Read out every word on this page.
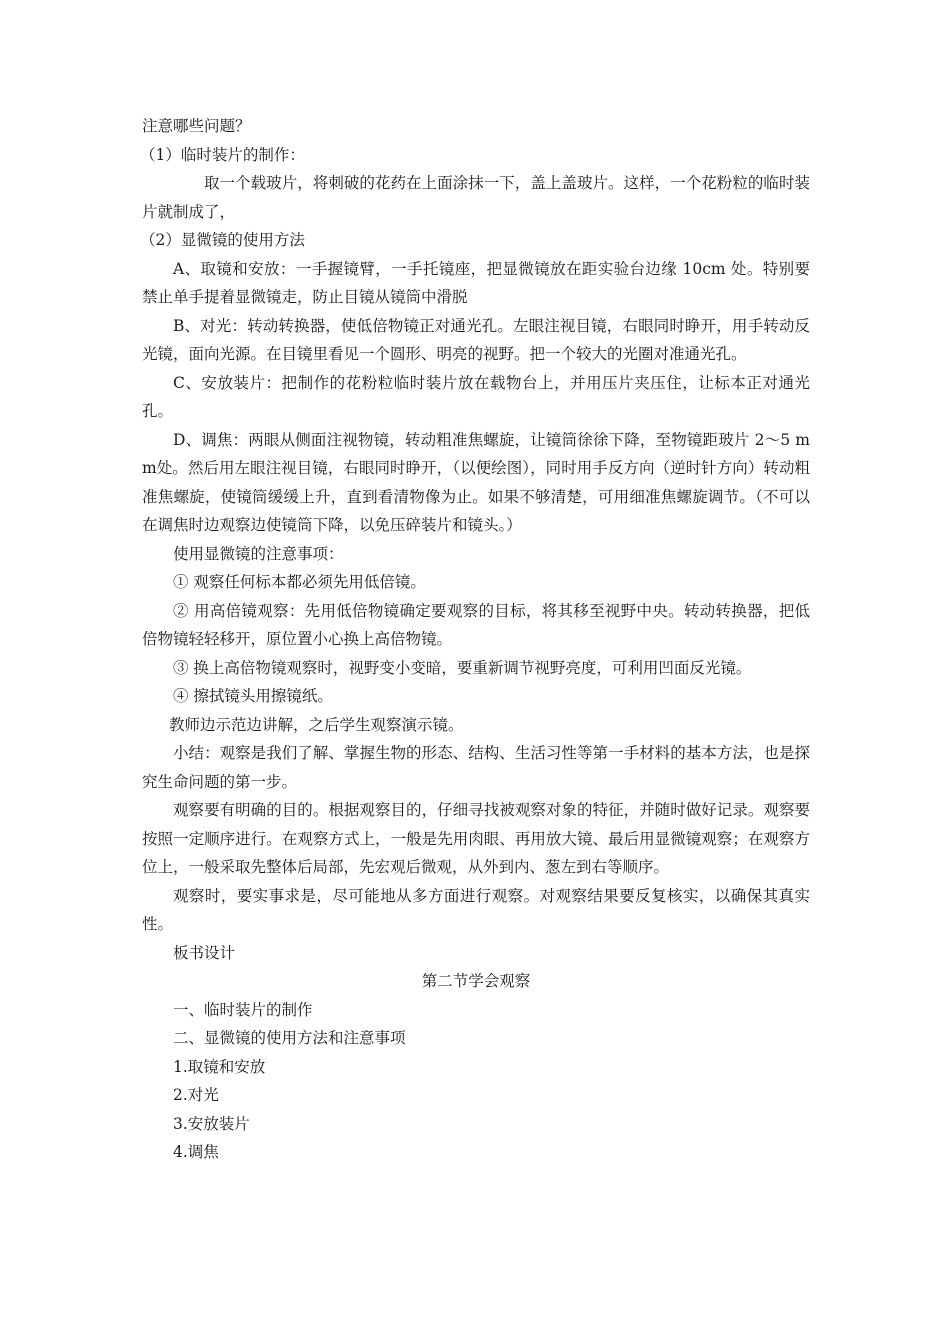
注意哪些问题？

（1）临时装片的制作：

取一个载玻片，将刺破的花药在上面涂抹一下，盖上盖玻片。这样，一个花粉粒的临时装片就制成了，

（2）显微镜的使用方法

A、取镜和安放：一手握镜臂，一手托镜座，把显微镜放在距实验台边缘 10cm 处。特别要禁止单手提着显微镜走，防止目镜从镜筒中滑脱

B、对光：转动转换器，使低倍物镜正对通光孔。左眼注视目镜，右眼同时睁开，用手转动反光镜，面向光源。在目镜里看见一个圆形、明亮的视野。把一个较大的光圈对准通光孔。

C、安放装片：把制作的花粉粒临时装片放在载物台上，并用压片夹压住，让标本正对通光孔。

D、调焦：两眼从侧面注视物镜，转动粗准焦螺旋，让镜筒徐徐下降，至物镜距玻片 2～5 mm处。然后用左眼注视目镜，右眼同时睁开，（以便绘图），同时用手反方向（逆时针方向）转动粗准焦螺旋，使镜筒缓缓上升，直到看清物像为止。如果不够清楚，可用细准焦螺旋调节。（不可以在调焦时边观察边使镜筒下降，以免压碎装片和镜头。）

使用显微镜的注意事项：

① 观察任何标本都必须先用低倍镜。

② 用高倍镜观察：先用低倍物镜确定要观察的目标，将其移至视野中央。转动转换器，把低倍物镜轻轻移开，原位置小心换上高倍物镜。

③ 换上高倍物镜观察时，视野变小变暗，要重新调节视野亮度，可利用凹面反光镜。

④ 擦拭镜头用擦镜纸。

教师边示范边讲解，之后学生观察演示镜。

小结：观察是我们了解、掌握生物的形态、结构、生活习性等第一手材料的基本方法，也是探究生命问题的第一步。

观察要有明确的目的。根据观察目的，仔细寻找被观察对象的特征，并随时做好记录。观察要按照一定顺序进行。在观察方式上，一般是先用肉眼、再用放大镜、最后用显微镜观察；在观察方位上，一般采取先整体后局部，先宏观后微观，从外到内、葱左到右等顺序。

观察时，要实事求是，尽可能地从多方面进行观察。对观察结果要反复核实，以确保其真实性。

板书设计

第二节学会观察

一、临时装片的制作

二、显微镜的使用方法和注意事项

1.取镜和安放

2.对光

3.安放装片

4.调焦
